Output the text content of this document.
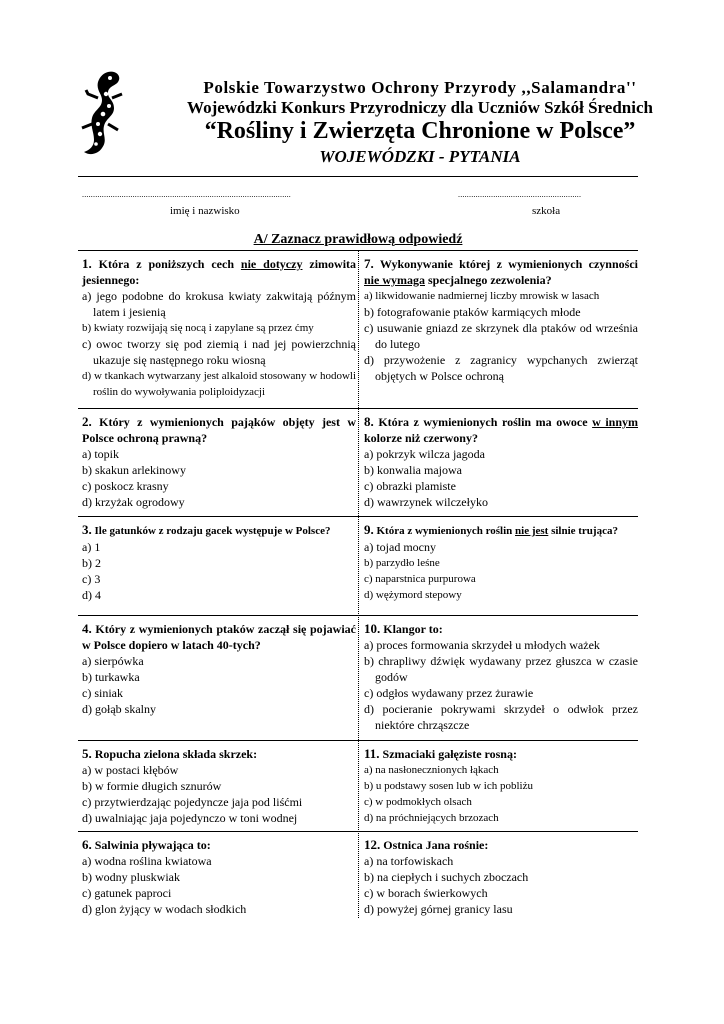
Polskie Towarzystwo Ochrony Przyrody ,,Salamandra''
Wojewódzki Konkurs Przyrodniczy dla Uczniów Szkół Średnich
“Rośliny i Zwierzęta Chronione w Polsce”
WOJEWÓDZKI - PYTANIA
...............................................................................................	........................................................
imię i nazwisko	szkoła
A/ Zaznacz prawidłową odpowiedź
1. Która z poniższych cech nie dotyczy zimowita jesiennego:
a) jego podobne do krokusa kwiaty zakwitają późnym latem i jesienią
b) kwiaty rozwijają się nocą i zapylane są przez ćmy
c) owoc tworzy się pod ziemią i nad jej powierzchnią ukazuje się następnego roku wiosną
d) w tkankach wytwarzany jest alkaloid stosowany w hodowli roślin do wywoływania poliploidyzacji
7. Wykonywanie której z wymienionych czynności nie wymaga specjalnego zezwolenia?
a) likwidowanie nadmiernej liczby mrowisk w lasach
b) fotografowanie ptaków karmiących młode
c) usuwanie gniazd ze skrzynek dla ptaków od września do lutego
d) przywożenie z zagranicy wypchanych zwierząt objętych w Polsce ochroną
2. Który z wymienionych pająków objęty jest w Polsce ochroną prawną?
a) topik
b) skakun arlekinowy
c) poskocz krasny
d) krzyżak ogrodowy
8. Która z wymienionych roślin ma owoce w innym kolorze niż czerwony?
a) pokrzyk wilcza jagoda
b) konwalia majowa
c) obrazki plamiste
d) wawrzynek wilczełyko
3. Ile gatunków z rodzaju gacek występuje w Polsce?
a) 1
b) 2
c) 3
d) 4
9. Która z wymienionych roślin nie jest silnie trująca?
a) tojad mocny
b) parzydło leśne
c) naparstnica purpurowa
d) wężymord stepowy
4. Który z wymienionych ptaków zaczął się pojawiać w Polsce dopiero w latach 40-tych?
a) sierpówka
b) turkawka
c) siniak
d) gołąb skalny
10. Klangor to:
a) proces formowania skrzydeł u młodych ważek
b) chrapliwy dźwięk wydawany przez głuszca w czasie godów
c) odgłos wydawany przez żurawie
d) pocieranie pokrywami skrzydeł o odwłok przez niektóre chrząszcze
5. Ropucha zielona składa skrzek:
a) w postaci kłębów
b) w formie długich sznurów
c) przytwierdzając pojedyncze jaja pod liśćmi
d) uwalniając jaja pojedynczo w toni wodnej
11. Szmaciaki gałęziste rosną:
a) na nasłonecznionych łąkach
b) u podstawy sosen lub w ich pobliżu
c) w podmokłych olsach
d) na próchniejących brzozach
6. Salwinia pływająca to:
a) wodna roślina kwiatowa
b) wodny pluskwiak
c) gatunek paproci
d) glon żyjący w wodach słodkich
12. Ostnica Jana rośnie:
a) na torfowiskach
b) na ciepłych i suchych zboczach
c) w borach świerkowych
d) powyżej górnej granicy lasu
